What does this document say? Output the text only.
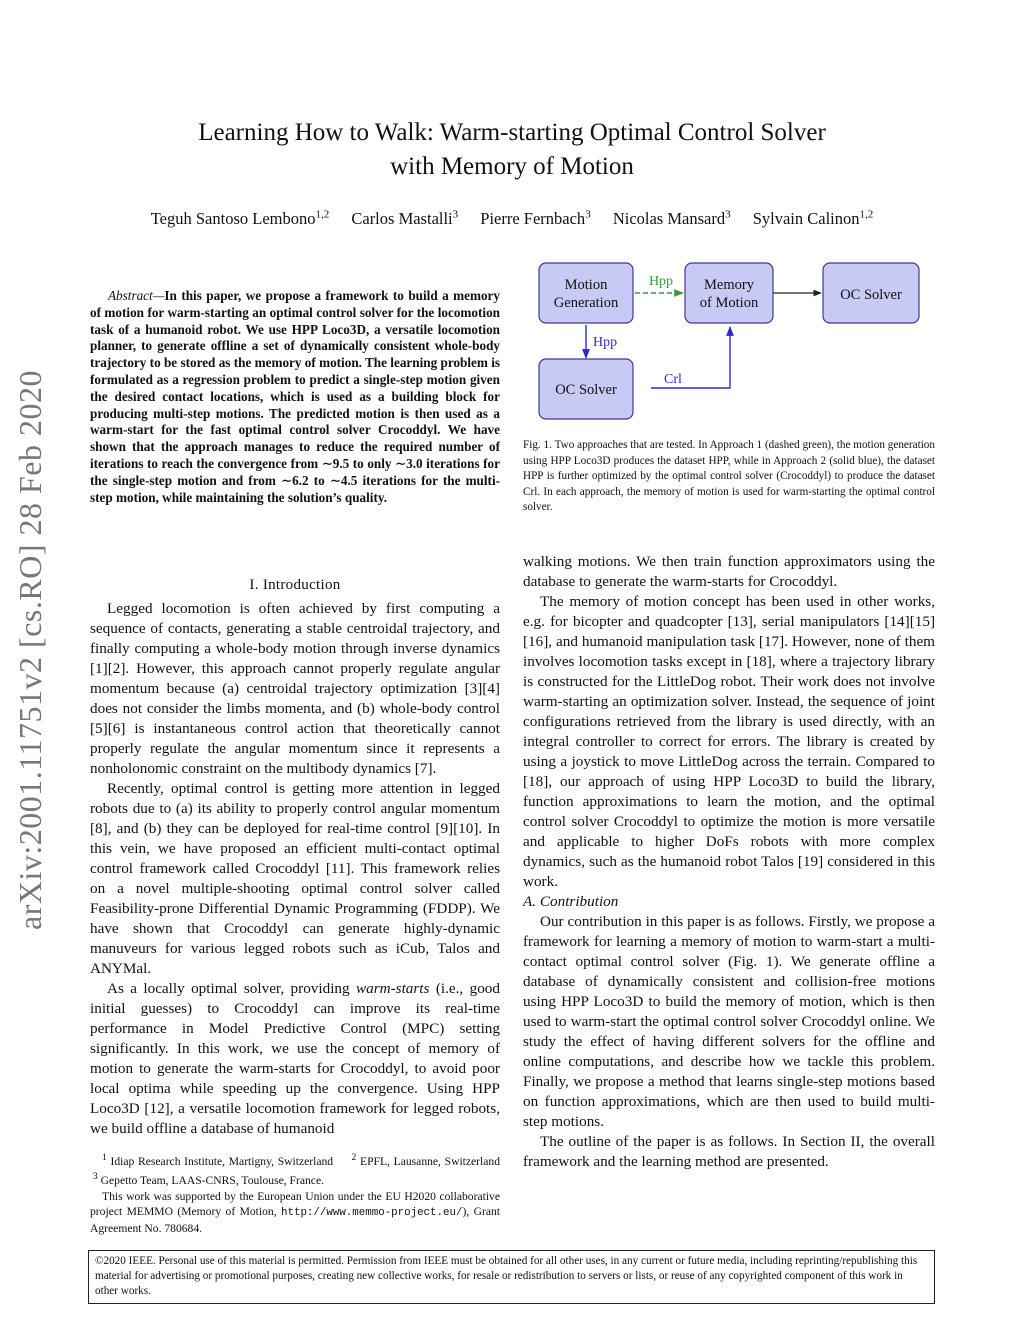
Learning How to Walk: Warm-starting Optimal Control Solver
with Memory of Motion
Teguh Santoso Lembono$^{1,2}$ Carlos Mastalli$^3$ Pierre Fernbach$^3$ Nicolas Mansard$^3$ Sylvain Calinon$^{1,2}$
arXiv:2001.11751v2 [cs.RO] 28 Feb 2020
Abstract—In this paper, we propose a framework to build a memory of motion for warm-starting an optimal control solver for the locomotion task of a humanoid robot. We use HPP Loco3D, a versatile locomotion planner, to generate offline a set of dynamically consistent whole-body trajectory to be stored as the memory of motion. The learning problem is formulated as a regression problem to predict a single-step motion given the desired contact locations, which is used as a building block for producing multi-step motions. The predicted motion is then used as a warm-start for the fast optimal control solver Crocoddyl. We have shown that the approach manages to reduce the required number of iterations to reach the convergence from ∼9.5 to only ∼3.0 iterations for the single-step motion and from ∼6.2 to ∼4.5 iterations for the multi-step motion, while maintaining the solution’s quality.
Motion
Generation
Memory
of Motion	OC Solver
OC Solver
Hpp
Hpp
Crl
Fig. 1. Two approaches that are tested. In Approach 1 (dashed green), the motion generation using HPP Loco3D produces the dataset HPP, while in Approach 2 (solid blue), the dataset HPP is further optimized by the optimal control solver (Crocoddyl) to produce the dataset Crl. In each approach, the memory of motion is used for warm-starting the optimal control solver.
I. Introduction

Legged locomotion is often achieved by first computing a sequence of contacts, generating a stable centroidal trajectory, and finally computing a whole-body motion through inverse dynamics [1][2]. However, this approach cannot properly regulate angular momentum because (a) centroidal trajectory optimization [3][4] does not consider the limbs momenta, and (b) whole-body control [5][6] is instantaneous control action that theoretically cannot properly regulate the angular momentum since it represents a nonholonomic constraint on the multibody dynamics [7].

Recently, optimal control is getting more attention in legged robots due to (a) its ability to properly control angular momentum [8], and (b) they can be deployed for real-time control [9][10]. In this vein, we have proposed an efficient multi-contact optimal control framework called Crocoddyl [11]. This framework relies on a novel multiple-shooting optimal control solver called Feasibility-prone Differential Dynamic Programming (FDDP). We have shown that Crocoddyl can generate highly-dynamic manuveurs for various legged robots such as iCub, Talos and ANYMal.

As a locally optimal solver, providing warm-starts (i.e., good initial guesses) to Crocoddyl can improve its real-time performance in Model Predictive Control (MPC) setting significantly. In this work, we use the concept of memory of motion to generate the warm-starts for Crocoddyl, to avoid poor local optima while speeding up the convergence. Using HPP Loco3D [12], a versatile locomotion framework for legged robots, we build offline a database of humanoid

$^1$ Idiap Research Institute, Martigny, Switzerland $^2$ EPFL, Lausanne, Switzerland  $^3$ Gepetto Team, LAAS-CNRS, Toulouse, France.

This work was supported by the European Union under the EU H2020 collaborative project MEMMO (Memory of Motion, http://www.memmo-project.eu/), Grant Agreement No. 780684.

walking motions. We then train function approximators using the database to generate the warm-starts for Crocoddyl.

The memory of motion concept has been used in other works, e.g. for bicopter and quadcopter [13], serial manipulators [14][15][16], and humanoid manipulation task [17]. However, none of them involves locomotion tasks except in [18], where a trajectory library is constructed for the LittleDog robot. Their work does not involve warm-starting an optimization solver. Instead, the sequence of joint configurations retrieved from the library is used directly, with an integral controller to correct for errors. The library is created by using a joystick to move LittleDog across the terrain. Compared to [18], our approach of using HPP Loco3D to build the library, function approximations to learn the motion, and the optimal control solver Crocoddyl to optimize the motion is more versatile and applicable to higher DoFs robots with more complex dynamics, such as the humanoid robot Talos [19] considered in this work.

A. Contribution

Our contribution in this paper is as follows. Firstly, we propose a framework for learning a memory of motion to warm-start a multi-contact optimal control solver (Fig. 1). We generate offline a database of dynamically consistent and collision-free motions using HPP Loco3D to build the memory of motion, which is then used to warm-start the optimal control solver Crocoddyl online. We study the effect of having different solvers for the offline and online computations, and describe how we tackle this problem. Finally, we propose a method that learns single-step motions based on function approximations, which are then used to build multi-step motions.

The outline of the paper is as follows. In Section II, the overall framework and the learning method are presented.

©2020 IEEE. Personal use of this material is permitted. Permission from IEEE must be obtained for all other uses, in any current or future media, including reprinting/republishing this material for advertising or promotional purposes, creating new collective works, for resale or redistribution to servers or lists, or reuse of any copyrighted component of this work in other works.
